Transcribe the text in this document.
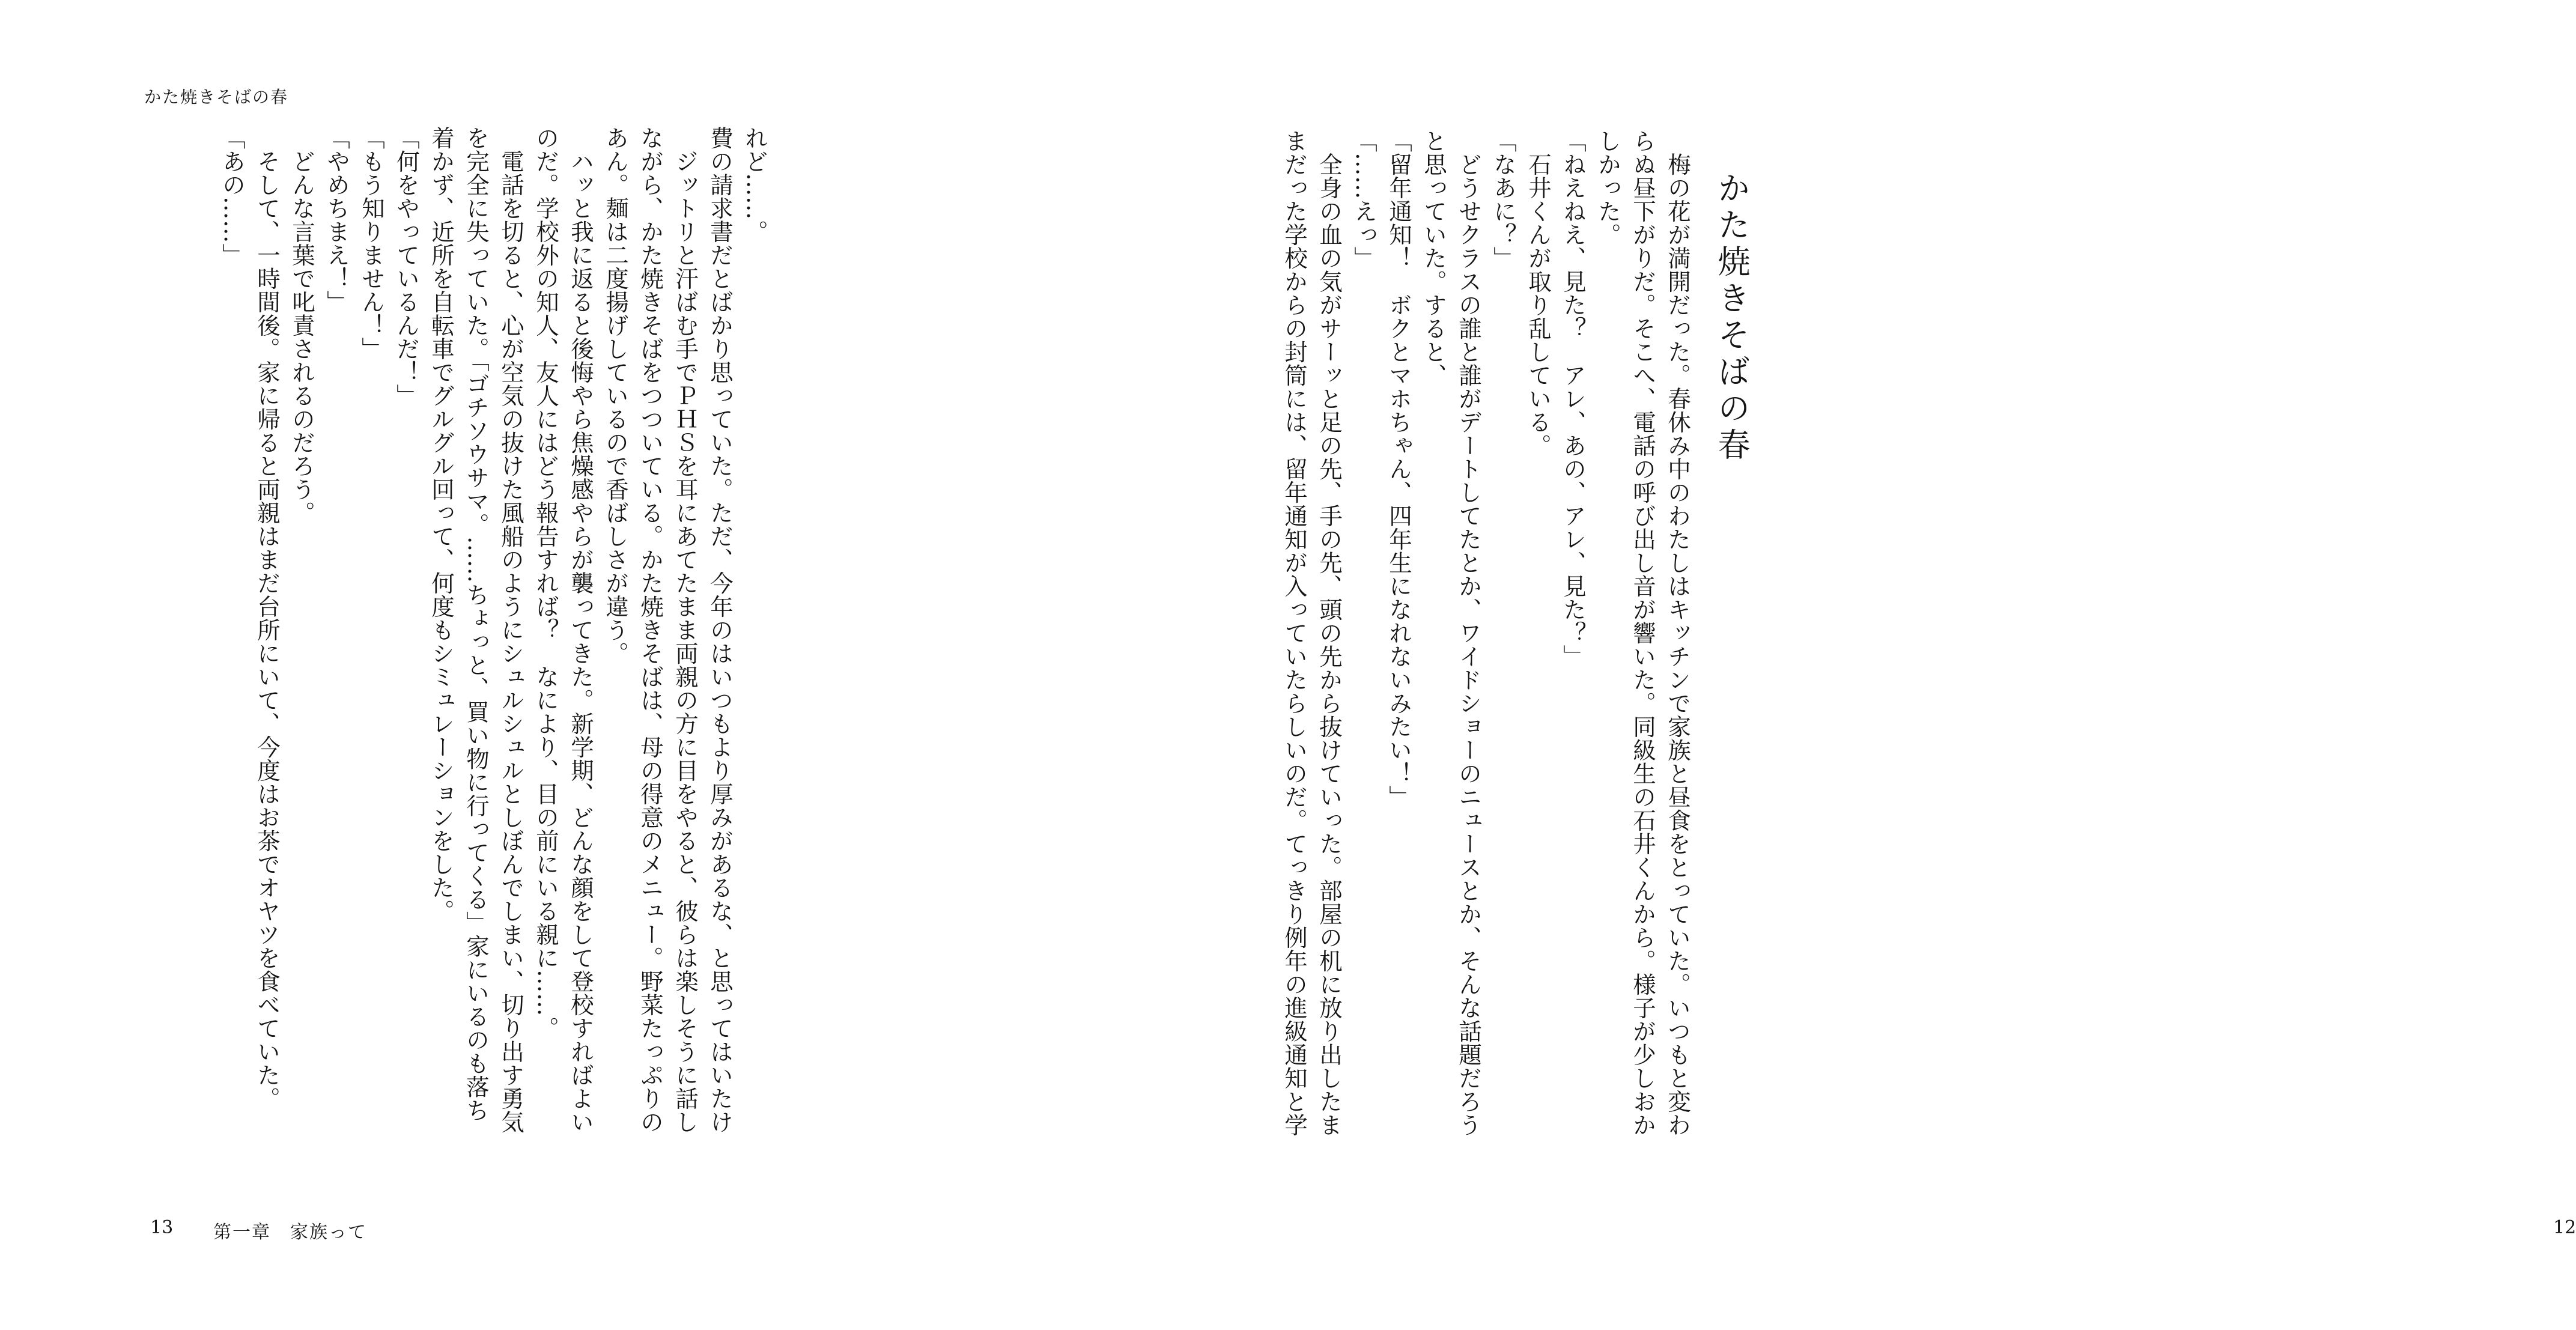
かた焼きそばの春
れど……。
費の請求書だとばかり思っていた。ただ、今年のはいつもより厚みがあるな、と思ってはいたけ
　ジットリと汗ばむ手でＰＨＳを耳にあてたまま両親の方に目をやると、彼らは楽しそうに話し
ながら、かた焼きそばをつついている。かた焼きそばは、母の得意のメニュー。野菜たっぷりの
あん。麺は二度揚げしているので香ばしさが違う。
　ハッと我に返ると後悔やら焦燥感やらが襲ってきた。新学期、どんな顔をして登校すればよい
のだ。学校外の知人、友人にはどう報告すれば？　なにより、目の前にいる親に……。
　電話を切ると、心が空気の抜けた風船のようにシュルシュルとしぼんでしまい、切り出す勇気
を完全に失っていた。「ゴチソウサマ。……ちょっと、買い物に行ってくる」家にいるのも落ち
着かず、近所を自転車でグルグル回って、何度もシミュレーションをした。
「何をやっているんだ！」
「もう知りません！」
「やめちまえ！」
　どんな言葉で叱責されるのだろう。
　そして、一時間後。家に帰ると両親はまだ台所にいて、今度はお茶でオヤツを食べていた。
「あの……」
13 第一章　家族って
かた焼きそばの春
　梅の花が満開だった。春休み中のわたしはキッチンで家族と昼食をとっていた。いつもと変わ
らぬ昼下がりだ。そこへ、電話の呼び出し音が響いた。同級生の石井くんから。様子が少しおか
しかった。
「ねえねえ、見た？　アレ、あの、アレ、見た？」
　石井くんが取り乱している。
「なあに？」
　どうせクラスの誰と誰がデートしてたとか、ワイドショーのニュースとか、そんな話題だろう
と思っていた。すると、
「留年通知！　ボクとマホちゃん、四年生になれないみたい！」
「……えっ」
　全身の血の気がサーッと足の先、手の先、頭の先から抜けていった。部屋の机に放り出したま
まだった学校からの封筒には、留年通知が入っていたらしいのだ。てっきり例年の進級通知と学
12
